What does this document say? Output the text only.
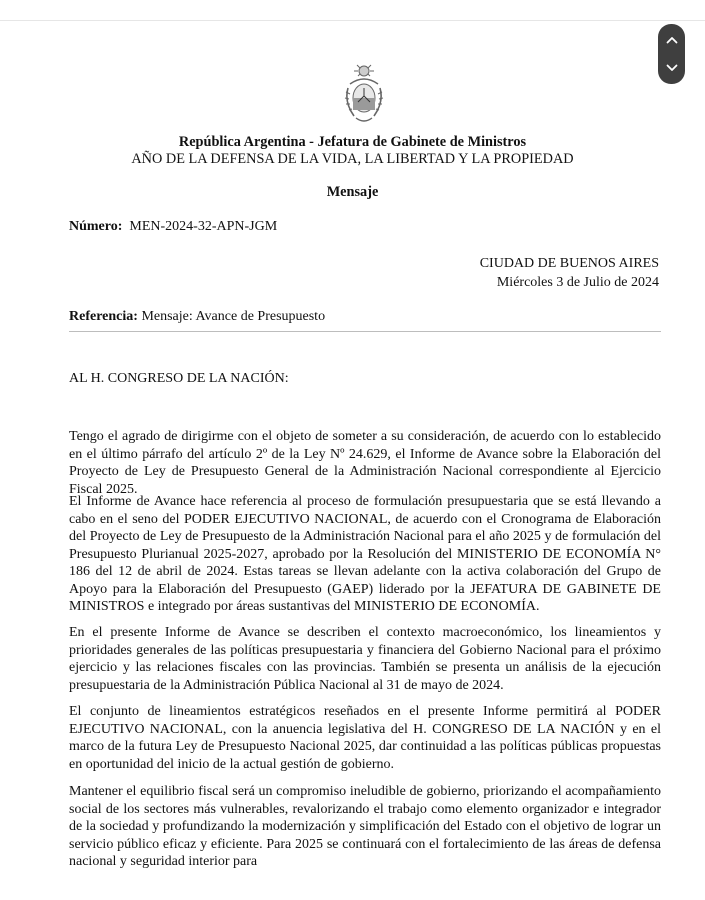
República Argentina - Jefatura de Gabinete de Ministros
AÑO DE LA DEFENSA DE LA VIDA, LA LIBERTAD Y LA PROPIEDAD
Mensaje
Número: MEN-2024-32-APN-JGM
CIUDAD DE BUENOS AIRES
Miércoles 3 de Julio de 2024
Referencia: Mensaje: Avance de Presupuesto
AL H. CONGRESO DE LA NACIÓN:

Tengo el agrado de dirigirme con el objeto de someter a su consideración, de acuerdo con lo establecido en el último párrafo del artículo 2º de la Ley Nº 24.629, el Informe de Avance sobre la Elaboración del Proyecto de Ley de Presupuesto General de la Administración Nacional correspondiente al Ejercicio Fiscal 2025.

El Informe de Avance hace referencia al proceso de formulación presupuestaria que se está llevando a cabo en el seno del PODER EJECUTIVO NACIONAL, de acuerdo con el Cronograma de Elaboración del Proyecto de Ley de Presupuesto de la Administración Nacional para el año 2025 y de formulación del Presupuesto Plurianual 2025-2027, aprobado por la Resolución del MINISTERIO DE ECONOMÍA N° 186 del 12 de abril de 2024. Estas tareas se llevan adelante con la activa colaboración del Grupo de Apoyo para la Elaboración del Presupuesto (GAEP) liderado por la JEFATURA DE GABINETE DE MINISTROS e integrado por áreas sustantivas del MINISTERIO DE ECONOMÍA.

En el presente Informe de Avance se describen el contexto macroeconómico, los lineamientos y prioridades generales de las políticas presupuestaria y financiera del Gobierno Nacional para el próximo ejercicio y las relaciones fiscales con las provincias. También se presenta un análisis de la ejecución presupuestaria de la Administración Pública Nacional al 31 de mayo de 2024.

El conjunto de lineamientos estratégicos reseñados en el presente Informe permitirá al PODER EJECUTIVO NACIONAL, con la anuencia legislativa del H. CONGRESO DE LA NACIÓN y en el marco de la futura Ley de Presupuesto Nacional 2025, dar continuidad a las políticas públicas propuestas en oportunidad del inicio de la actual gestión de gobierno.

Mantener el equilibrio fiscal será un compromiso ineludible de gobierno, priorizando el acompañamiento social de los sectores más vulnerables, revalorizando el trabajo como elemento organizador e integrador de la sociedad y profundizando la modernización y simplificación del Estado con el objetivo de lograr un servicio público eficaz y eficiente. Para 2025 se continuará con el fortalecimiento de las áreas de defensa nacional y seguridad interior para
